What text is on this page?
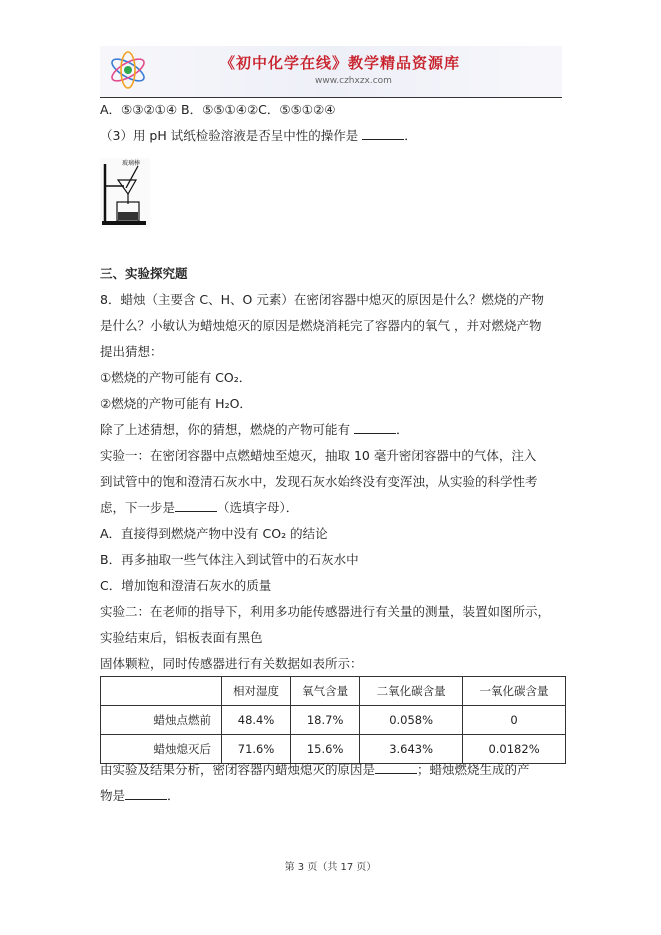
《初中化学在线》教学精品资源库
www.czhxzx.com
A．⑤③②①④ B．⑤⑤①④②C．⑤⑤①②④
（3）用 pH 试纸检验溶液是否呈中性的操作是	．
玻璃棒
三、实验探究题
8．蜡烛（主要含 C、H、O 元素）在密闭容器中熄灭的原因是什么？燃烧的产物
是什么？小敏认为蜡烛熄灭的原因是燃烧消耗完了容器内的氧气 ，并对燃烧产物
提出猜想：
①燃烧的产物可能有 CO₂．
②燃烧的产物可能有 H₂O．
除了上述猜想，你的猜想，燃烧的产物可能有	．
实验一：在密闭容器中点燃蜡烛至熄灭，抽取 10 毫升密闭容器中的气体，注入
到试管中的饱和澄清石灰水中，发现石灰水始终没有变浑浊，从实验的科学性考
虑，下一步是	（选填字母）．
A．直接得到燃烧产物中没有 CO₂ 的结论
B．再多抽取一些气体注入到试管中的石灰水中
C．增加饱和澄清石灰水的质量
实验二：在老师的指导下，利用多功能传感器进行有关量的测量，装置如图所示，
实验结束后，铝板表面有黑色
固体颗粒，同时传感器进行有关数据如表所示：
	相对湿度	氧气含量	二氧化碳含量	一氧化碳含量
蜡烛点燃前	48.4%	18.7%	0.058%	0
蜡烛熄灭后	71.6%	15.6%	3.643%	0.0182%
由实验及结果分析，密闭容器内蜡烛熄灭的原因是	；蜡烛燃烧生成的产
物是	．
第 3 页（共 17 页）
